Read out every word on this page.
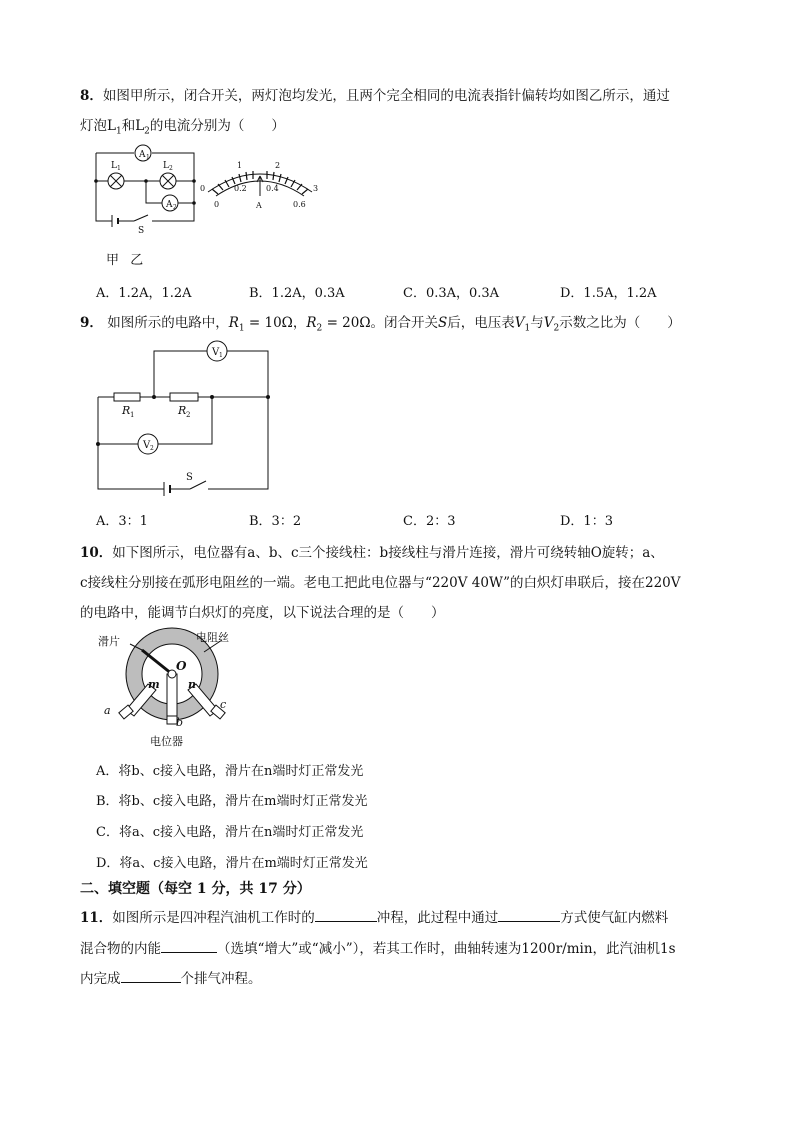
8．如图甲所示，闭合开关，两灯泡均发光，且两个完全相同的电流表指针偏转均如图乙所示，通过
灯泡$L_1$和$L_2$的电流分别为（　　）
A 1
A 2
L 1	L 2
S
1	2
3
0
0
0.2 0.4
0.6
A
甲 乙
A．1.2A，1.2A	B．1.2A，0.3A	C．0.3A，0.3A	D．1.5A，1.2A
9． 如图所示的电路中，$R_1 = 10\Omega$，$R_2 = 20\Omega$。闭合开关S后，电压表$V_1$与$V_2$示数之比为（　　）
R 1	R 2
V 1
V 2
S
A．3：1	B．3：2	C．2：3	D．1：3
10．如下图所示，电位器有a、b、c三个接线柱：b接线柱与滑片连接，滑片可绕转轴O旋转；a、
c接线柱分别接在弧形电阻丝的一端。老电工把此电位器与“220V 40W”的白炽灯串联后，接在220V
的电路中，能调节白炽灯的亮度，以下说法合理的是（　　）
滑片	电阻丝
O
m	n
a
b
c
电位器
A．将b、c接入电路，滑片在n端时灯正常发光
B．将b、c接入电路，滑片在m端时灯正常发光
C．将a、c接入电路，滑片在n端时灯正常发光
D．将a、c接入电路，滑片在m端时灯正常发光
二、填空题（每空 1 分，共 17 分）
11．如图所示是四冲程汽油机工作时的	冲程，此过程中通过	方式使气缸内燃料
混合物的内能	（选填“增大”或“减小”），若其工作时，曲轴转速为1200r/min，此汽油机1s
内完成	个排气冲程。
